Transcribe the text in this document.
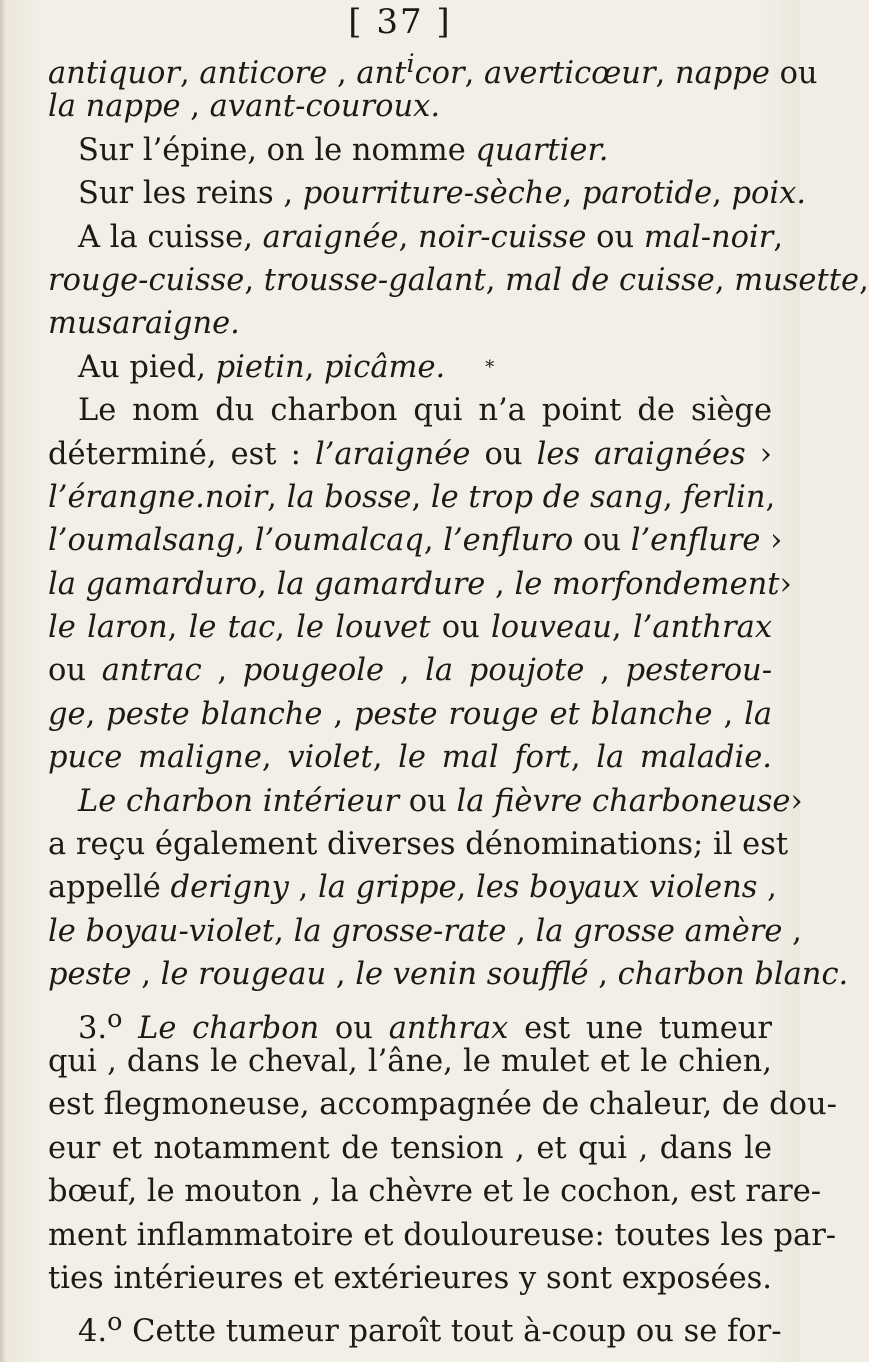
[ 37 ]
antiquor, anticore , ant$^i$cor, averticœur, nappe ou
la nappe , avant-couroux.
Sur l’épine, on le nomme quartier.
Sur les reins , pourriture-sèche, parotide, poix.
A la cuisse, araignée, noir-cuisse ou mal-noir,
rouge-cuisse, trousse-galant, mal de cuisse, musette,
musaraigne.
Au pied, pietin, picâme. *
Le nom du charbon qui n’a point de siège
déterminé, est : l’araignée ou les araignées ›
l’érangne.noir, la bosse, le trop de sang, ferlin,
l’oumalsang, l’oumalcaq, l’enfluro ou l’enflure ›
la gamarduro, la gamardure , le morfondement›
le laron, le tac, le louvet ou louveau, l’anthrax
ou antrac , pougeole , la poujote , pesterou-
ge, peste blanche , peste rouge et blanche , la
puce maligne, violet, le mal fort, la maladie.
Le charbon intérieur ou la fièvre charboneuse›
a reçu également diverses dénominations; il est
appellé derigny , la grippe, les boyaux violens ,
le boyau-violet, la grosse-rate , la grosse amère ,
peste , le rougeau , le venin soufflé , charbon blanc.
3.$^o$ Le charbon ou anthrax est une tumeur
qui , dans le cheval, l’âne, le mulet et le chien,
est flegmoneuse, accompagnée de chaleur, de dou-
eur et notamment de tension , et qui , dans le
bœuf, le mouton , la chèvre et le cochon, est rare-
ment inflammatoire et douloureuse: toutes les par-
ties intérieures et extérieures y sont exposées.
4.$^o$ Cette tumeur paroît tout à-coup ou se for-
